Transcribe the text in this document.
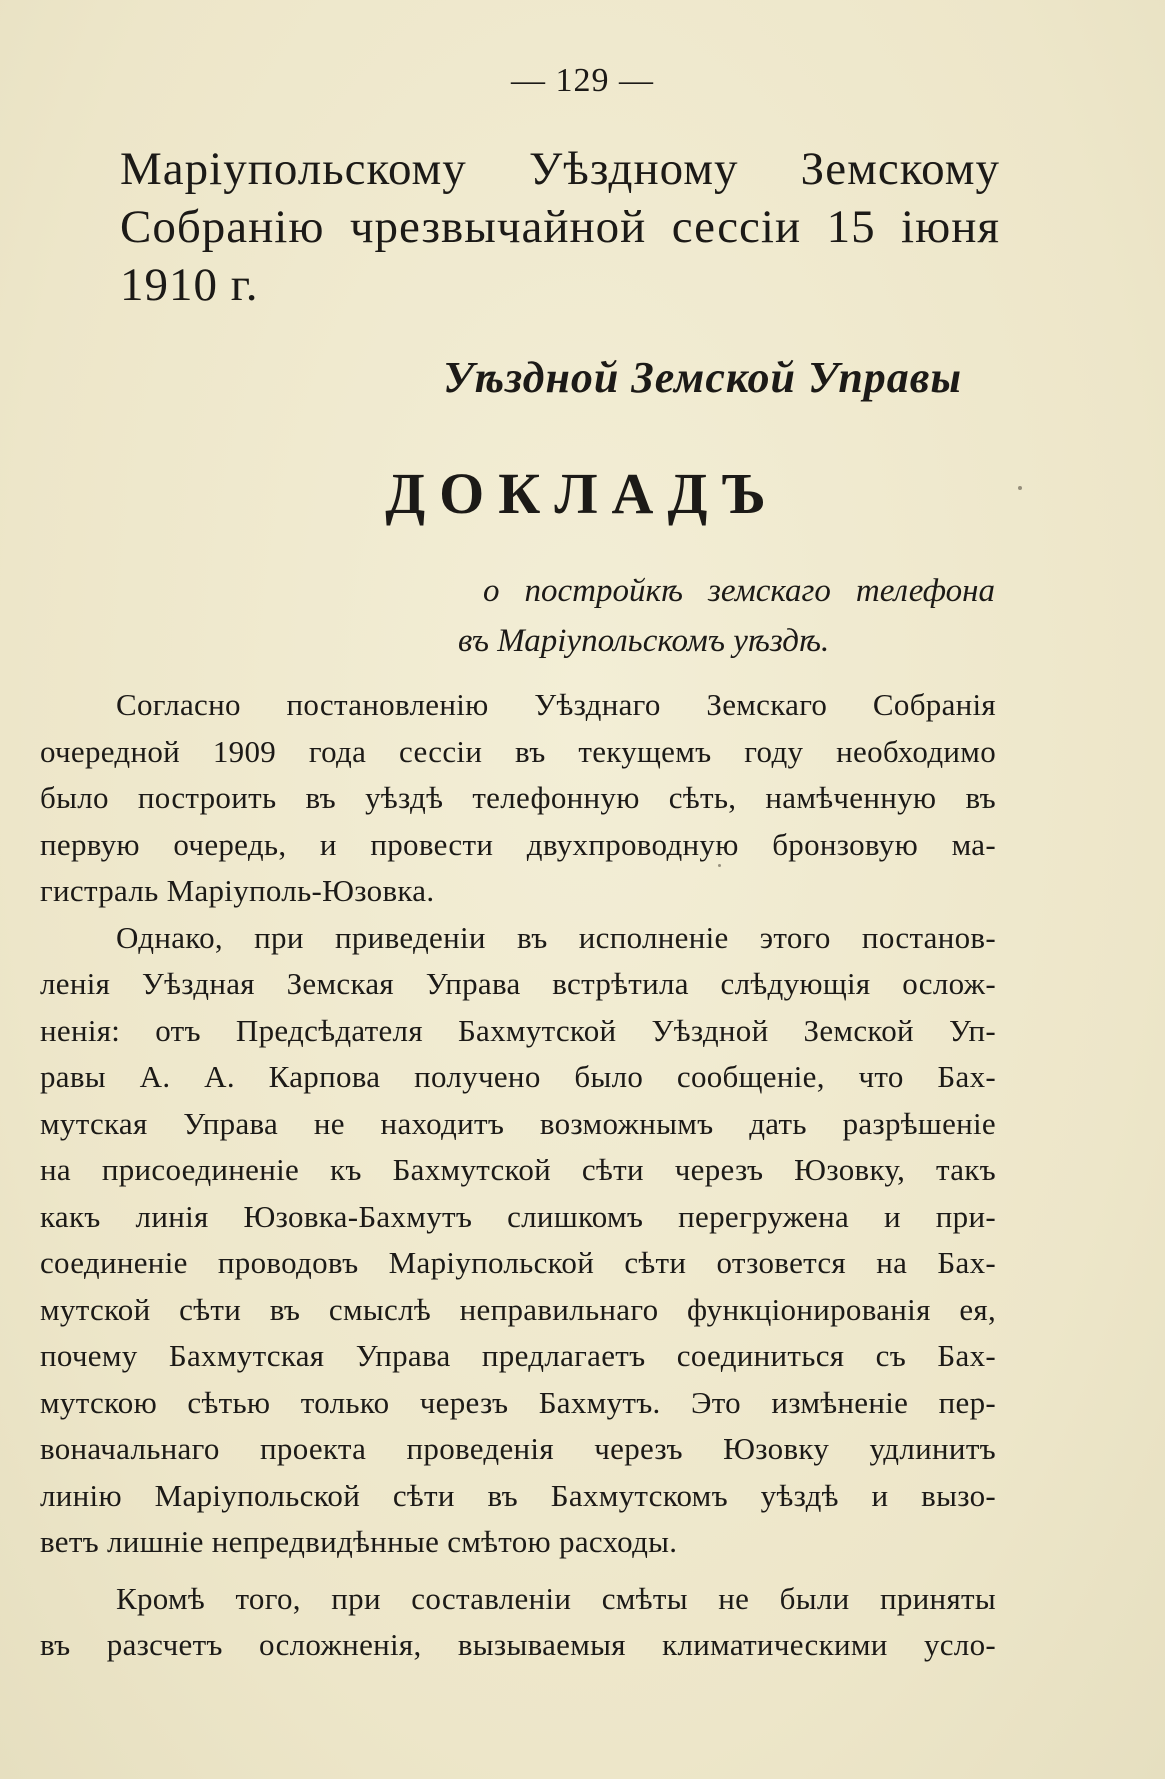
— 129 —
Маріупольскому Уѣздному Земскому Собранію чрезвычайной сессіи 15 іюня 1910 г.
Уѣздной Земской Управы
ДОКЛАДЪ
о постройкѣ земскаго телефона
въ Маріупольскомъ уѣздѣ.
Согласно постановленію Уѣзднаго Земскаго Собранія
очередной 1909 года сессіи въ текущемъ году необходимо
было построить въ уѣздѣ телефонную сѣть, намѣченную въ
первую очередь, и провести двухпроводную бронзовую ма-
гистраль Маріуполь-Юзовка.
Однако, при приведеніи въ исполненіе этого постанов-
ленія Уѣздная Земская Управа встрѣтила слѣдующія ослож-
ненія: отъ Предсѣдателя Бахмутской Уѣздной Земской Уп-
равы А. А. Карпова получено было сообщеніе, что Бах-
мутская Управа не находитъ возможнымъ дать разрѣшеніе
на присоединеніе къ Бахмутской сѣти черезъ Юзовку, такъ
какъ линія Юзовка-Бахмутъ слишкомъ перегружена и при-
соединеніе проводовъ Маріупольской сѣти отзовется на Бах-
мутской сѣти въ смыслѣ неправильнаго функціонированія ея,
почему Бахмутская Управа предлагаетъ соединиться съ Бах-
мутскою сѣтью только черезъ Бахмутъ. Это измѣненіе пер-
воначальнаго проекта проведенія черезъ Юзовку удлинитъ
линію Маріупольской сѣти въ Бахмутскомъ уѣздѣ и вызо-
ветъ лишніе непредвидѣнные смѣтою расходы.
Кромѣ того, при составленіи смѣты не были приняты
въ разсчетъ осложненія, вызываемыя климатическими усло-
